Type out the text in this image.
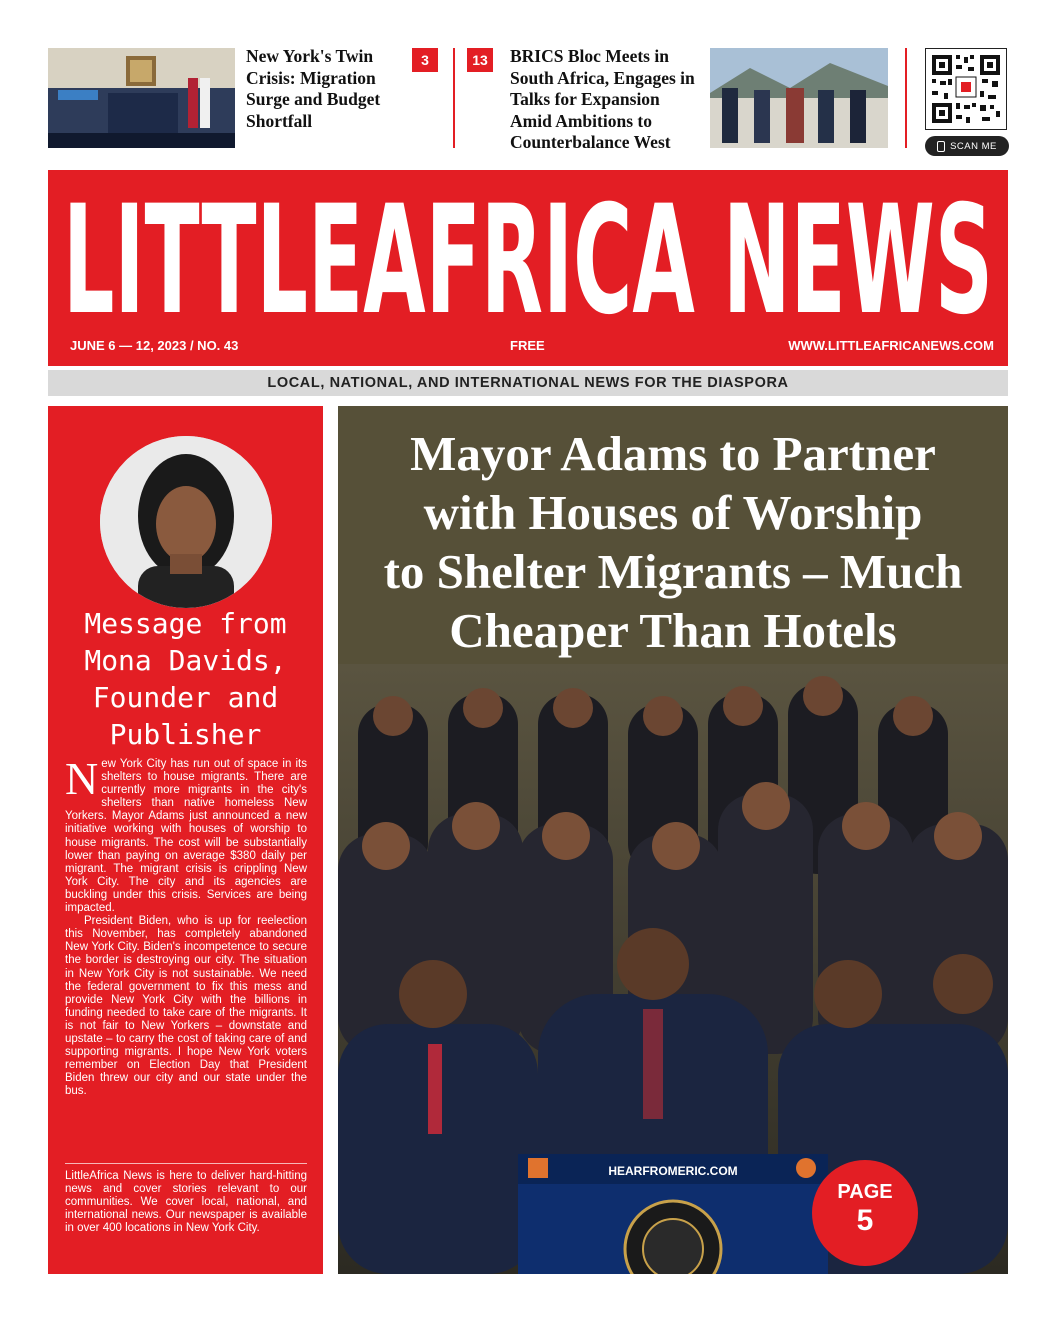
New York's Twin Crisis: Migration Surge and Budget Shortfall
3	13 BRICS Bloc Meets in South Africa, Engages in Talks for Expansion Amid Ambitions to Counterbalance West	SCAN ME
LITTLEAFRICA NEWS
JUNE 6 — 12, 2023 / NO. 43	FREE	WWW.LITTLEAFRICANEWS.COM
LOCAL, NATIONAL, AND INTERNATIONAL NEWS FOR THE DIASPORA
Message from
Mona Davids,
Founder and
Publisher

New York City has run out of space in its shelters to house migrants. There are currently more migrants in the city's shelters than native homeless New Yorkers. Mayor Adams just announced a new initiative working with houses of worship to house migrants. The cost will be substantially lower than paying on average $380 daily per migrant. The migrant crisis is crippling New York City. The city and its agencies are buckling under this crisis. Services are being impacted.

President Biden, who is up for reelection this November, has completely abandoned New York City. Biden's incompetence to secure the border is destroying our city. The situation in New York City is not sustainable. We need the federal government to fix this mess and provide New York City with the billions in funding needed to take care of the migrants. It is not fair to New Yorkers – downstate and upstate – to carry the cost of taking care of and supporting migrants. I hope New York voters remember on Election Day that President Biden threw our city and our state under the bus.

LittleAfrica News is here to deliver hard-hitting news and cover stories relevant to our communities. We cover local, national, and international news. Our newspaper is available in over 400 locations in New York City.
Mayor Adams to Partner
with Houses of Worship
to Shelter Migrants – Much
Cheaper Than Hotels
HEARFROMERIC.COM
PAGE
5
